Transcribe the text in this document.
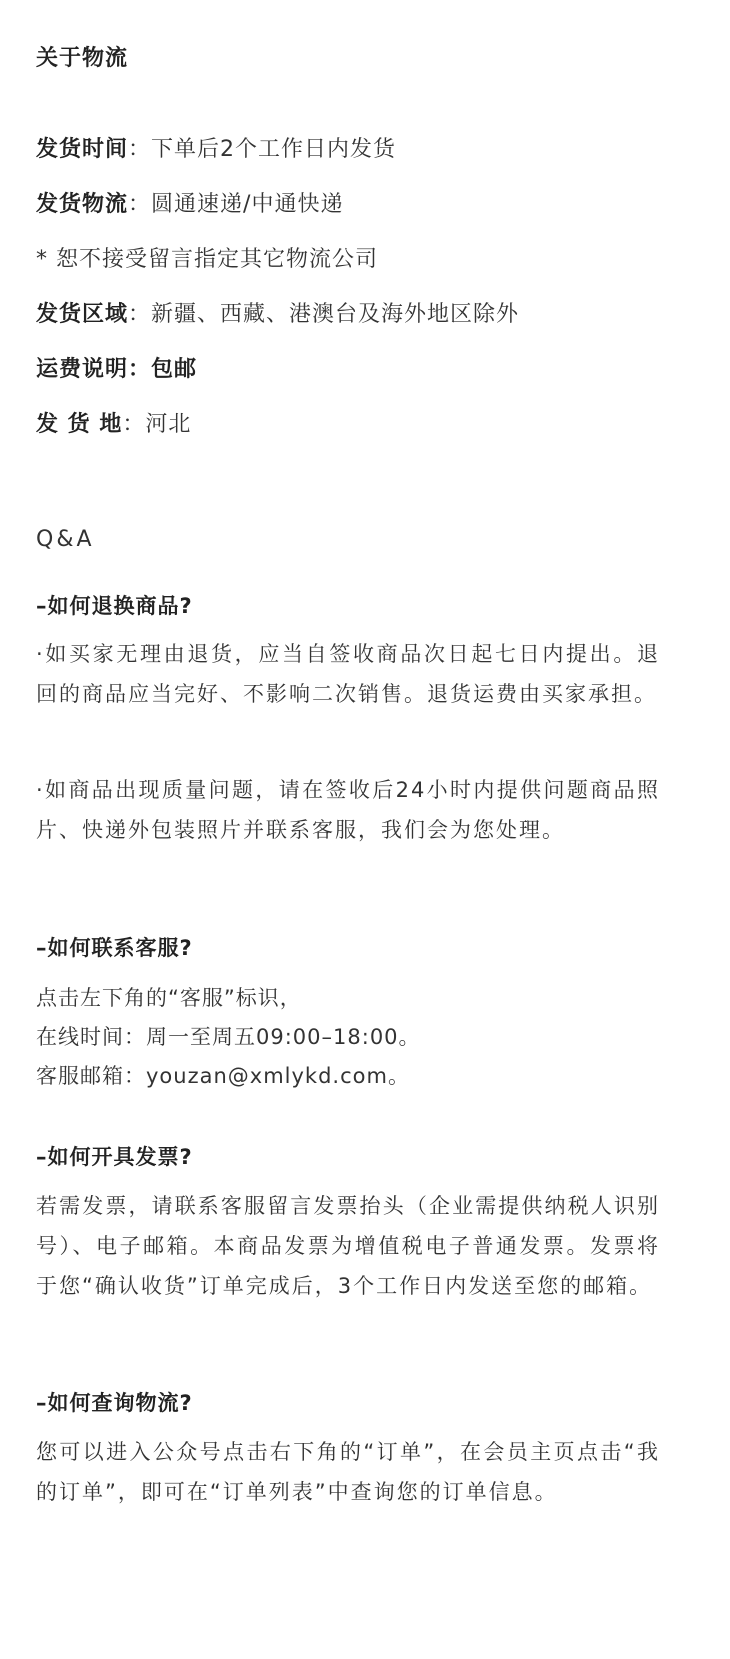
关于物流

发货时间：下单后2个工作日内发货

发货物流：圆通速递/中通快递

* 恕不接受留言指定其它物流公司

发货区域：新疆、西藏、港澳台及海外地区除外

运费说明：包邮

发 货 地：河北

Q&A
–如何退换商品?

·如买家无理由退货，应当自签收商品次日起七日内提出。退回的商品应当完好、不影响二次销售。退货运费由买家承担。

·如商品出现质量问题，请在签收后24小时内提供问题商品照片、快递外包装照片并联系客服，我们会为您处理。

–如何联系客服?

点击左下角的“客服”标识，

在线时间：周一至周五09:00–18:00。

客服邮箱：youzan@xmlykd.com。

–如何开具发票?

若需发票，请联系客服留言发票抬头（企业需提供纳税人识别号）、电子邮箱。本商品发票为增值税电子普通发票。发票将于您“确认收货”订单完成后，3个工作日内发送至您的邮箱。

–如何查询物流?

您可以进入公众号点击右下角的“订单”，在会员主页点击“我的订单”，即可在“订单列表”中查询您的订单信息。
